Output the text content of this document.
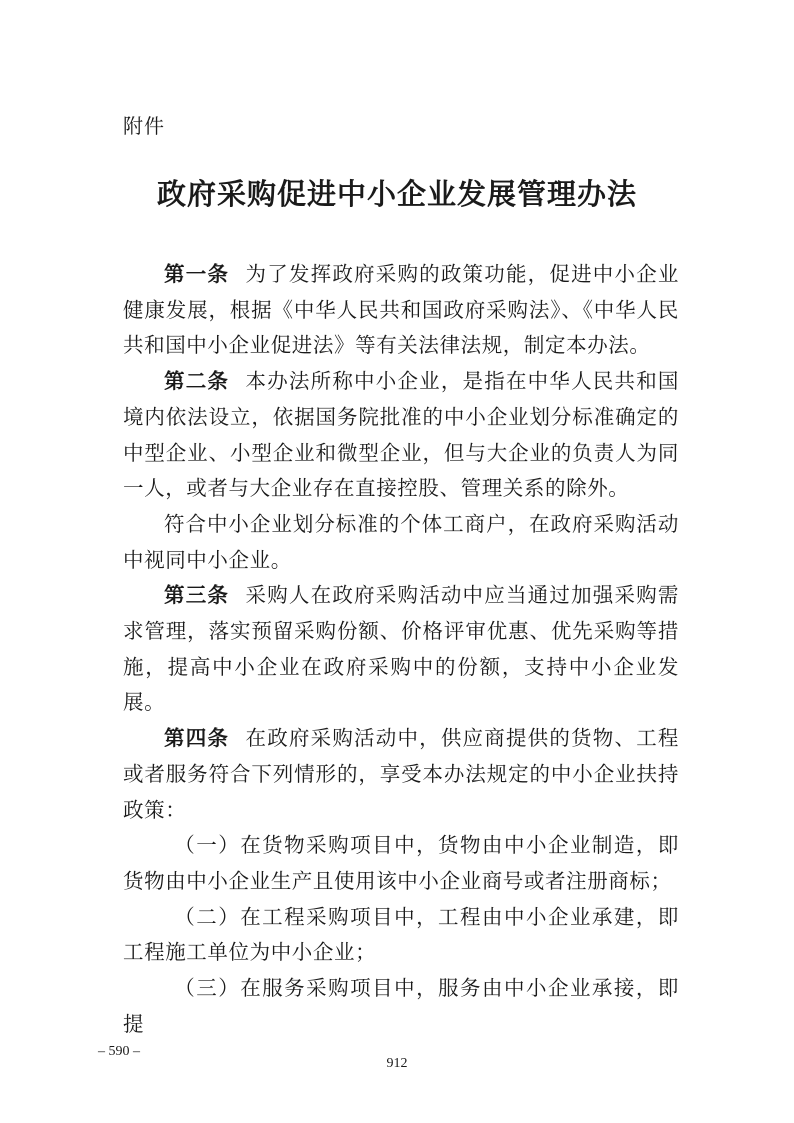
附件
政府采购促进中小企业发展管理办法

第一条 为了发挥政府采购的政策功能，促进中小企业健康发展，根据《中华人民共和国政府采购法》、《中华人民共和国中小企业促进法》等有关法律法规，制定本办法。

第二条 本办法所称中小企业，是指在中华人民共和国境内依法设立，依据国务院批准的中小企业划分标准确定的中型企业、小型企业和微型企业，但与大企业的负责人为同一人，或者与大企业存在直接控股、管理关系的除外。

符合中小企业划分标准的个体工商户，在政府采购活动中视同中小企业。

第三条 采购人在政府采购活动中应当通过加强采购需求管理，落实预留采购份额、价格评审优惠、优先采购等措施，提高中小企业在政府采购中的份额，支持中小企业发展。

第四条 在政府采购活动中，供应商提供的货物、工程或者服务符合下列情形的，享受本办法规定的中小企业扶持政策：

（一）在货物采购项目中，货物由中小企业制造，即货物由中小企业生产且使用该中小企业商号或者注册商标；

（二）在工程采购项目中，工程由中小企业承建，即工程施工单位为中小企业；

（三）在服务采购项目中，服务由中小企业承接，即提

– 590 –
912
